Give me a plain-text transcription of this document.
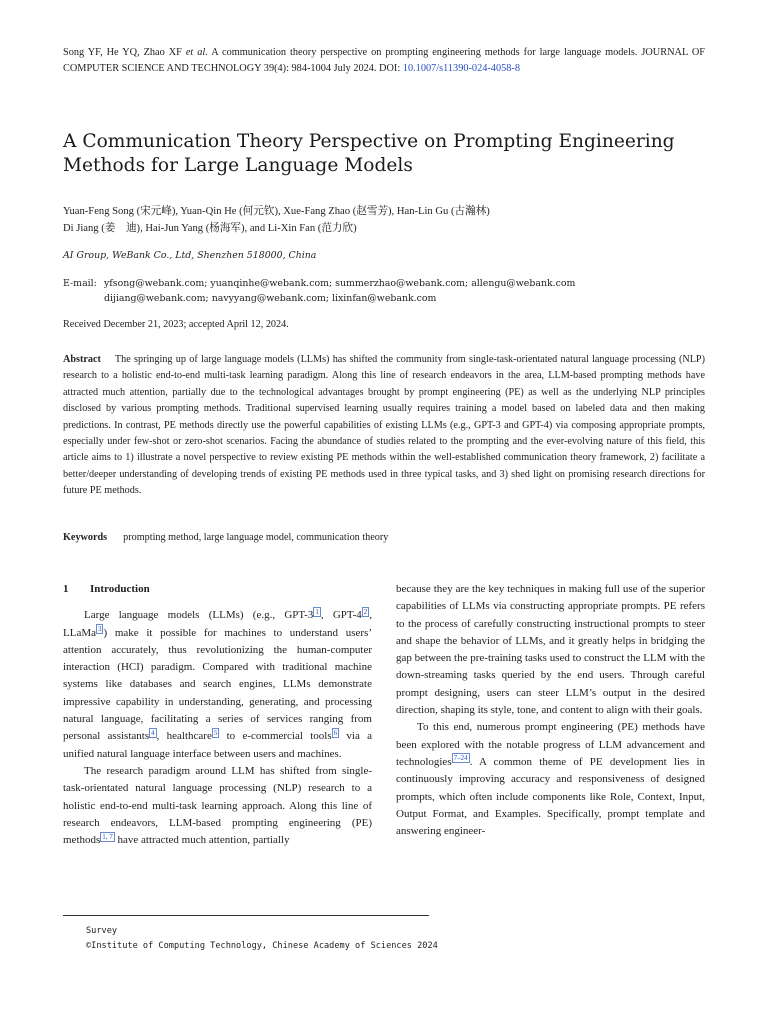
Song YF, He YQ, Zhao XF et al. A communication theory perspective on prompting engineering methods for large language models. JOURNAL OF COMPUTER SCIENCE AND TECHNOLOGY 39(4): 984-1004 July 2024. DOI: 10.1007/s11390-024-4058-8
A Communication Theory Perspective on Prompting Engineering
Methods for Large Language Models
Yuan-Feng Song (宋元峰), Yuan-Qin He (何元钦), Xue-Fang Zhao (赵雪芳), Han-Lin Gu (古瀚林)
Di Jiang (姜　迪), Hai-Jun Yang (杨海军), and Li-Xin Fan (范力欣)
AI Group, WeBank Co., Ltd, Shenzhen 518000, China
E-mail: yfsong@webank.com; yuanqinhe@webank.com; summerzhao@webank.com; allengu@webank.com
dijiang@webank.com; navyyang@webank.com; lixinfan@webank.com
Received December 21, 2023; accepted April 12, 2024.
Abstract The springing up of large language models (LLMs) has shifted the community from single-task-orientated natural language processing (NLP) research to a holistic end-to-end multi-task learning paradigm. Along this line of research endeavors in the area, LLM-based prompting methods have attracted much attention, partially due to the technological advantages brought by prompt engineering (PE) as well as the underlying NLP principles disclosed by various prompting methods. Traditional supervised learning usually requires training a model based on labeled data and then making predictions. In contrast, PE methods directly use the powerful capabilities of existing LLMs (e.g., GPT-3 and GPT-4) via composing appropriate prompts, especially under few-shot or zero-shot scenarios. Facing the abundance of studies related to the prompting and the ever-evolving nature of this field, this article aims to 1) illustrate a novel perspective to review existing PE methods within the well-established communication theory framework, 2) facilitate a better/deeper understanding of developing trends of existing PE methods used in three typical tasks, and 3) shed light on promising research directions for future PE methods.
Keywords prompting method, large language model, communication theory
1 Introduction

Large language models (LLMs) (e.g., GPT-3 $^1$ , GPT-4 $^2$ , LLaMa $^3$ ) make it possible for machines to understand users’ attention accurately, thus revolutionizing the human-computer interaction (HCI) paradigm. Compared with traditional machine systems like databases and search engines, LLMs demonstrate impressive capability in understanding, generating, and processing natural language, facilitating a series of services ranging from personal assistants $^4$ , healthcare $^5$ to e-commercial tools $^6$ via a unified natural language interface between users and machines.

The research paradigm around LLM has shifted from single-task-orientated natural language processing (NLP) research to a holistic end-to-end multi-task learning approach. Along this line of research endeavors, LLM-based prompting engineering (PE) methods $^{1, 7}$ have attracted much attention, partially

because they are the key techniques in making full use of the superior capabilities of LLMs via constructing appropriate prompts. PE refers to the process of carefully constructing instructional prompts to steer and shape the behavior of LLMs, and it greatly helps in bridging the gap between the pre-training tasks used to construct the LLM with the down-streaming tasks queried by the end users. Through careful prompt designing, users can steer LLM’s output in the desired direction, shaping its style, tone, and content to align with their goals.

To this end, numerous prompt engineering (PE) methods have been explored with the notable progress of LLM advancement and technologies $^{7-24}$ . A common theme of PE development lies in continuously improving accuracy and responsiveness of designed prompts, which often include components like Role, Context, Input, Output Format, and Examples. Specifically, prompt template and answering engineer-

Survey
©Institute of Computing Technology, Chinese Academy of Sciences 2024
